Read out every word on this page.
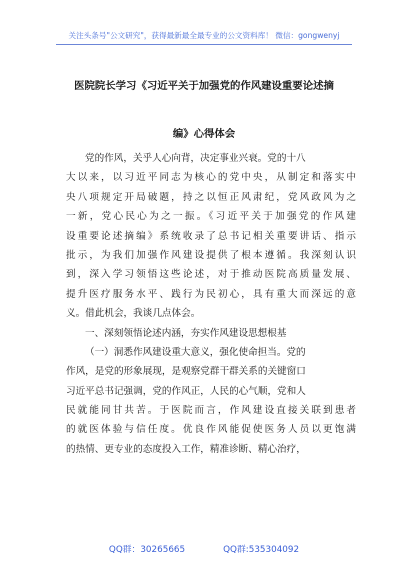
关注头条号"公文研究"，获得最新最全最专业的公文资料库！ 微信：gongwenyj
医院院长学习《习近平关于加强党的作风建设重要论述摘
编》心得体会
党的作风，关乎人心向背，决定事业兴衰。党的十八
大以来，以习近平同志为核心的党中央，从制定和落实中
央八项规定开局破题，持之以恒正风肃纪，党风政风为之
一新，党心民心为之一振。《习近平关于加强党的作风建
设重要论述摘编》系统收录了总书记相关重要讲话、指示
批示，为我们加强作风建设提供了根本遵循。我深刻认识
到，深入学习领悟这些论述，对于推动医院高质量发展、
提升医疗服务水平、践行为民初心，具有重大而深远的意
义。借此机会，我谈几点体会。
一、深刻领悟论述内涵，夯实作风建设思想根基
（一）洞悉作风建设重大意义，强化使命担当。党的
作风，是党的形象展现，是观察党群干群关系的关键窗口
习近平总书记强调，党的作风正，人民的心气顺，党和人
民就能同甘共苦。于医院而言，作风建设直接关联到患者
的就医体验与信任度。优良作风能促使医务人员以更饱满
的热情、更专业的态度投入工作，精准诊断、精心治疗，
QQ群：30265665	QQ群:535304092
